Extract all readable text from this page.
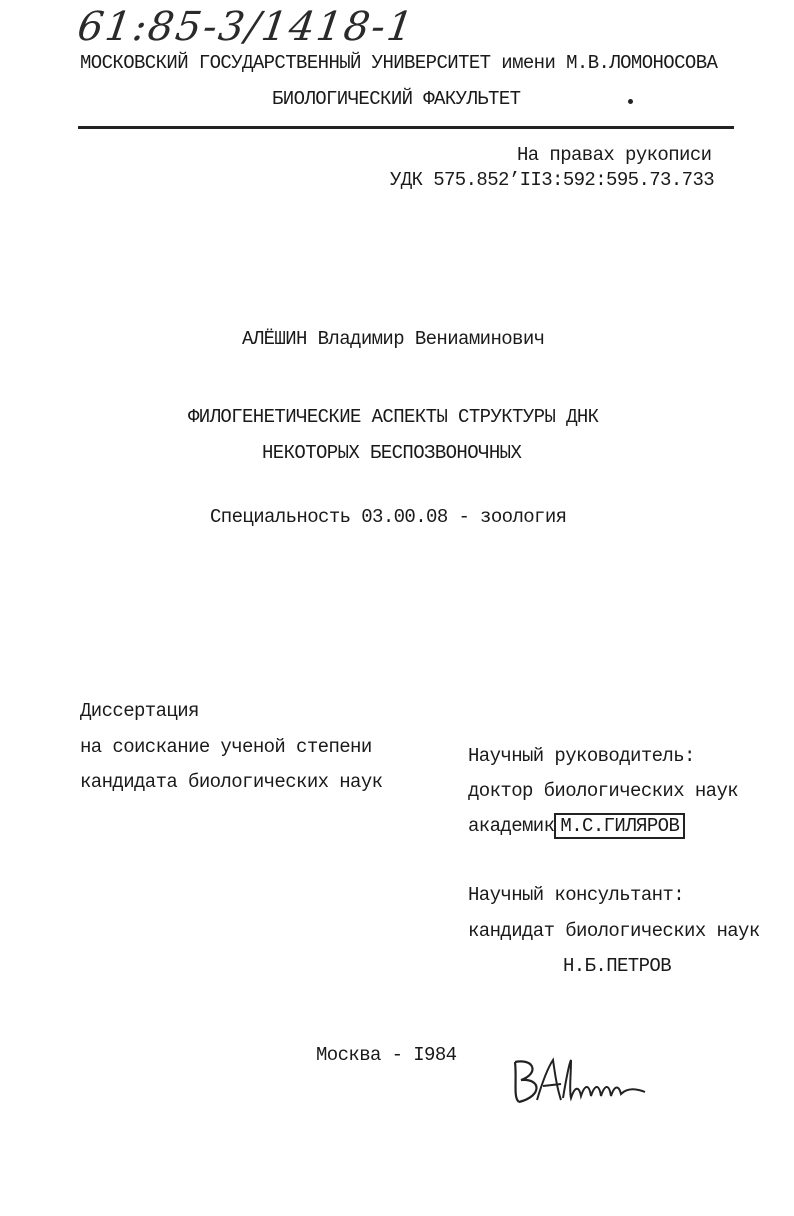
61:85-3/1418-1
МОСКОВСКИЙ ГОСУДАРСТВЕННЫЙ УНИВЕРСИТЕТ имени М.В.ЛОМОНОСОВА
БИОЛОГИЧЕСКИЙ ФАКУЛЬТЕТ
На правах рукописи
УДК 575.852’II3:592:595.73.733
АЛЁШИН Владимир Вениаминович
ФИЛОГЕНЕТИЧЕСКИЕ АСПЕКТЫ СТРУКТУРЫ ДНК
НЕКОТОРЫХ БЕСПОЗВОНОЧНЫХ
Специальность 03.00.08 - зоология
Диссертация
на соискание ученой степени
кандидата биологических наук
Научный руководитель:
доктор биологических наук
академик М.С.ГИЛЯРОВ
Научный консультант:
кандидат биологических наук
Н.Б.ПЕТРОВ
Москва - I984
